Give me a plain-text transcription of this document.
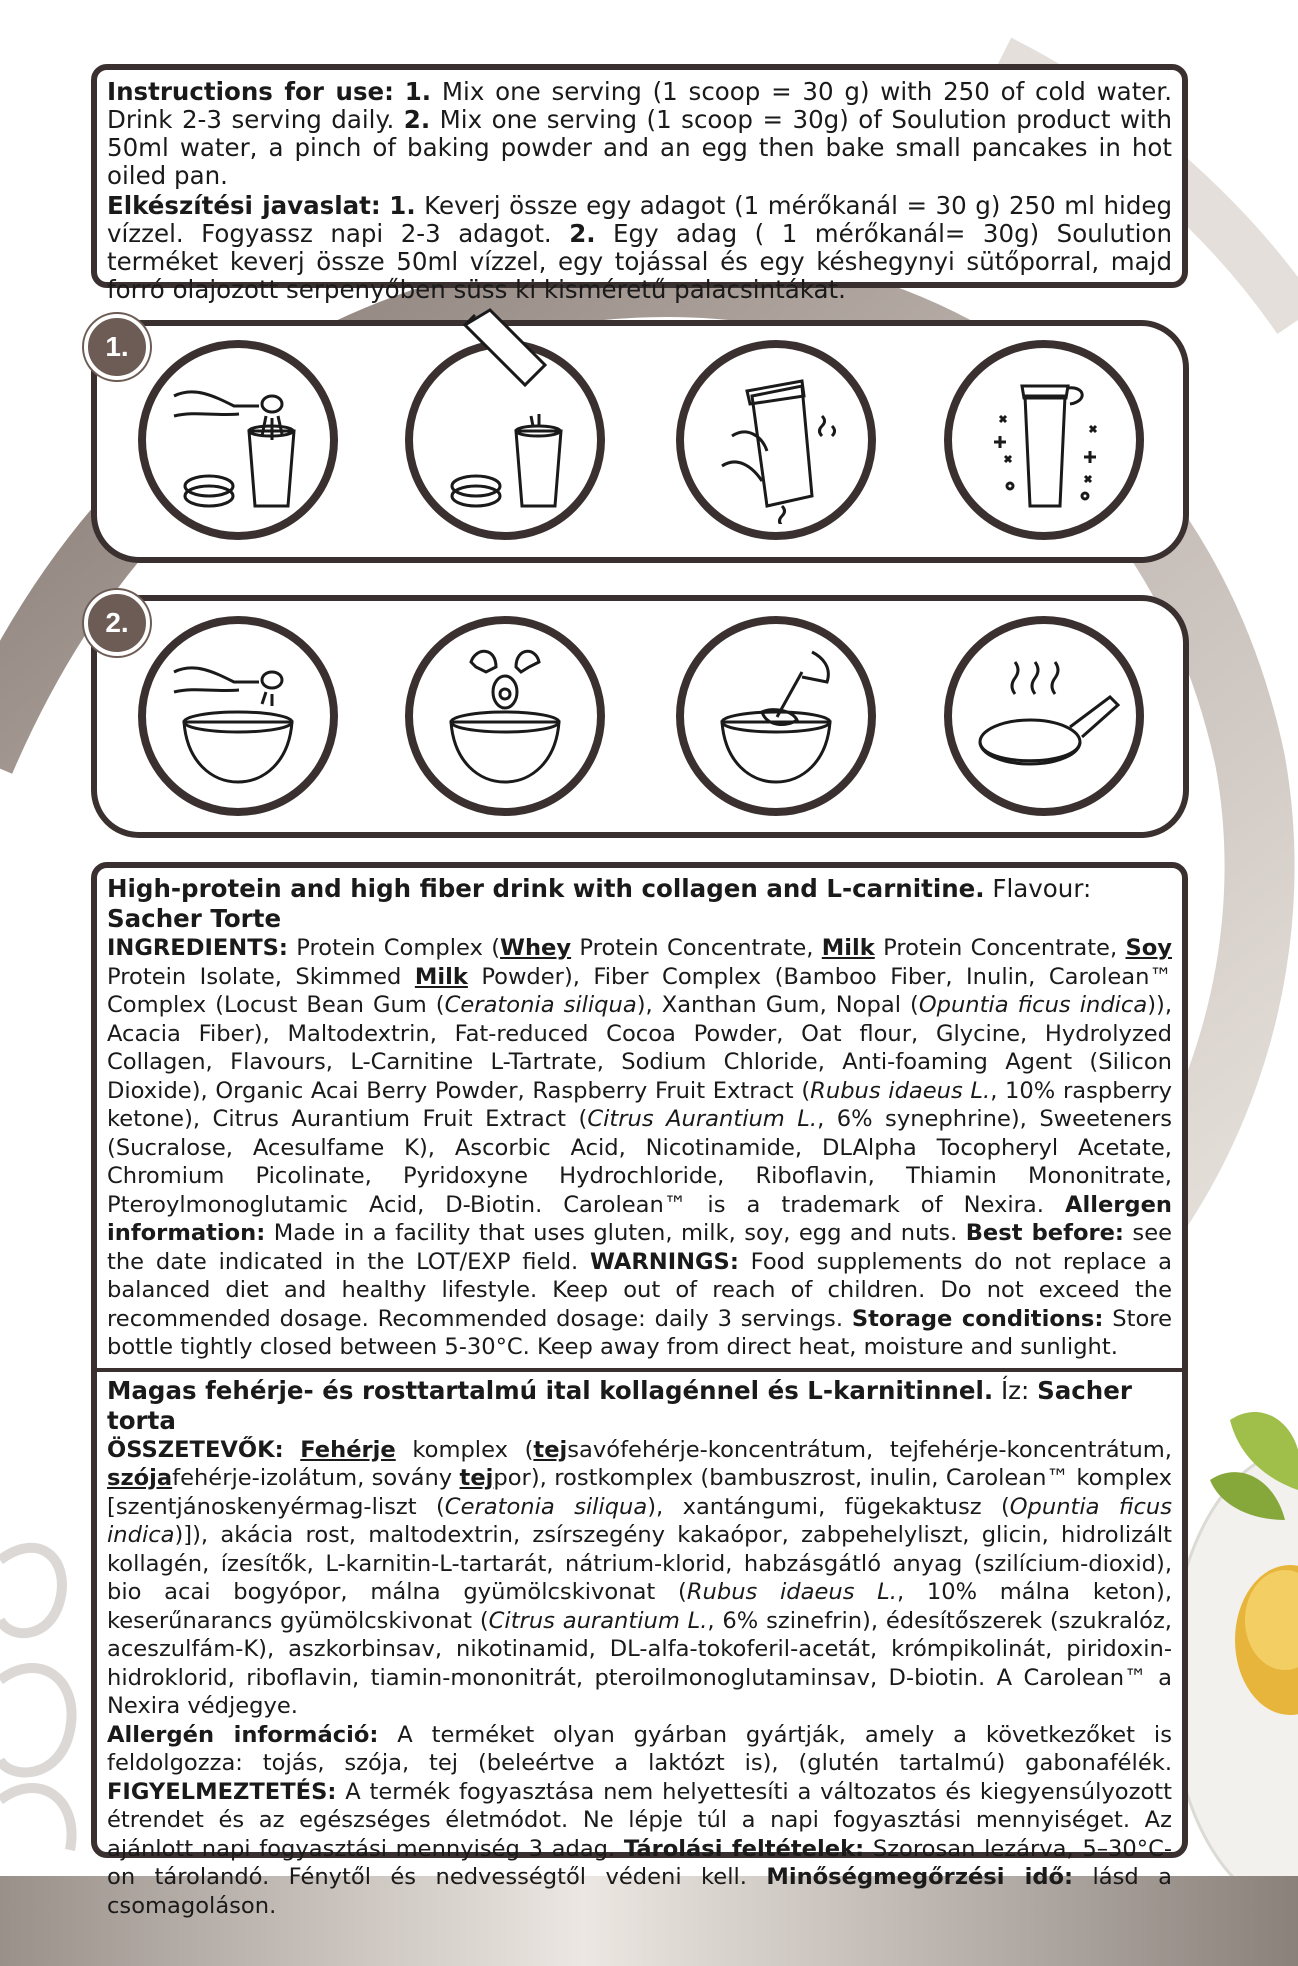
Instructions for use: 1. Mix one serving (1 scoop = 30 g) with 250 of cold water. Drink 2-3 serving daily. 2. Mix one serving (1 scoop = 30g) of Soulution product with 50ml water, a pinch of baking powder and an egg then bake small pancakes in hot oiled pan.
Elkészítési javaslat: 1. Keverj össze egy adagot (1 mérőkanál = 30 g) 250 ml hideg vízzel. Fogyassz napi 2-3 adagot. 2. Egy adag ( 1 mérőkanál= 30g) Soulution terméket keverj össze 50ml vízzel, egy tojással és egy késhegynyi sütőporral, majd forró olajozott serpenyőben süss ki kisméretű palacsintákat.
1.
2.
High-protein and high fiber drink with collagen and L-carnitine. Flavour: Sacher Torte
INGREDIENTS: Protein Complex (Whey Protein Concentrate, Milk Protein Concentrate, Soy Protein Isolate, Skimmed Milk Powder), Fiber Complex (Bamboo Fiber, Inulin, Carolean™ Complex (Locust Bean Gum (Ceratonia siliqua), Xanthan Gum, Nopal (Opuntia ficus indica)), Acacia Fiber), Maltodextrin, Fat-reduced Cocoa Powder, Oat flour, Glycine, Hydrolyzed Collagen, Flavours, L-Carnitine L-Tartrate, Sodium Chloride, Anti-foaming Agent (Silicon Dioxide), Organic Acai Berry Powder, Raspberry Fruit Extract (Rubus idaeus L., 10% raspberry ketone), Citrus Aurantium Fruit Extract (Citrus Aurantium L., 6% synephrine), Sweeteners (Sucralose, Acesulfame K), Ascorbic Acid, Nicotinamide, DLAlpha Tocopheryl Acetate, Chromium Picolinate, Pyridoxyne Hydrochloride, Riboflavin, Thiamin Mononitrate, Pteroylmonoglutamic Acid, D-Biotin. Carolean™ is a trademark of Nexira. Allergen information: Made in a facility that uses gluten, milk, soy, egg and nuts. Best before: see the date indicated in the LOT/EXP field. WARNINGS: Food supplements do not replace a balanced diet and healthy lifestyle. Keep out of reach of children. Do not exceed the recommended dosage. Recommended dosage: daily 3 servings. Storage conditions: Store bottle tightly closed between 5-30°C. Keep away from direct heat, moisture and sunlight.
Magas fehérje- és rosttartalmú ital kollagénnel és L-karnitinnel. Íz: Sacher torta
ÖSSZETEVŐK: Fehérje komplex (tejsavófehérje-koncentrátum, tejfehérje-koncentrátum, szójafehérje-izolátum, sovány tejpor), rostkomplex (bambuszrost, inulin, Carolean™ komplex [szentjánoskenyérmag-liszt (Ceratonia siliqua), xantángumi, fügekaktusz (Opuntia ficus indica)]), akácia rost, maltodextrin, zsírszegény kakaópor, zabpehelyliszt, glicin, hidrolizált kollagén, ízesítők, L-karnitin-L-tartarát, nátrium-klorid, habzásgátló anyag (szilícium-dioxid), bio acai bogyópor, málna gyümölcskivonat (Rubus idaeus L., 10% málna keton), keserűnarancs gyümölcskivonat (Citrus aurantium L., 6% szinefrin), édesítőszerek (szukralóz, aceszulfám-K), aszkorbinsav, nikotinamid, DL-alfa-tokoferil-acetát, krómpikolinát, piridoxin-hidroklorid, riboflavin, tiamin-mononitrát, pteroilmonoglutaminsav, D-biotin. A Carolean™ a Nexira védjegye.
Allergén információ: A terméket olyan gyárban gyártják, amely a következőket is feldolgozza: tojás, szója, tej (beleértve a laktózt is), (glutén tartalmú) gabonafélék. FIGYELMEZTETÉS: A termék fogyasztása nem helyettesíti a változatos és kiegyensúlyozott étrendet és az egészséges életmódot. Ne lépje túl a napi fogyasztási mennyiséget. Az ajánlott napi fogyasztási mennyiség 3 adag. Tárolási feltételek: Szorosan lezárva, 5–30°C-on tárolandó. Fénytől és nedvességtől védeni kell. Minőségmegőrzési idő: lásd a csomagoláson.
